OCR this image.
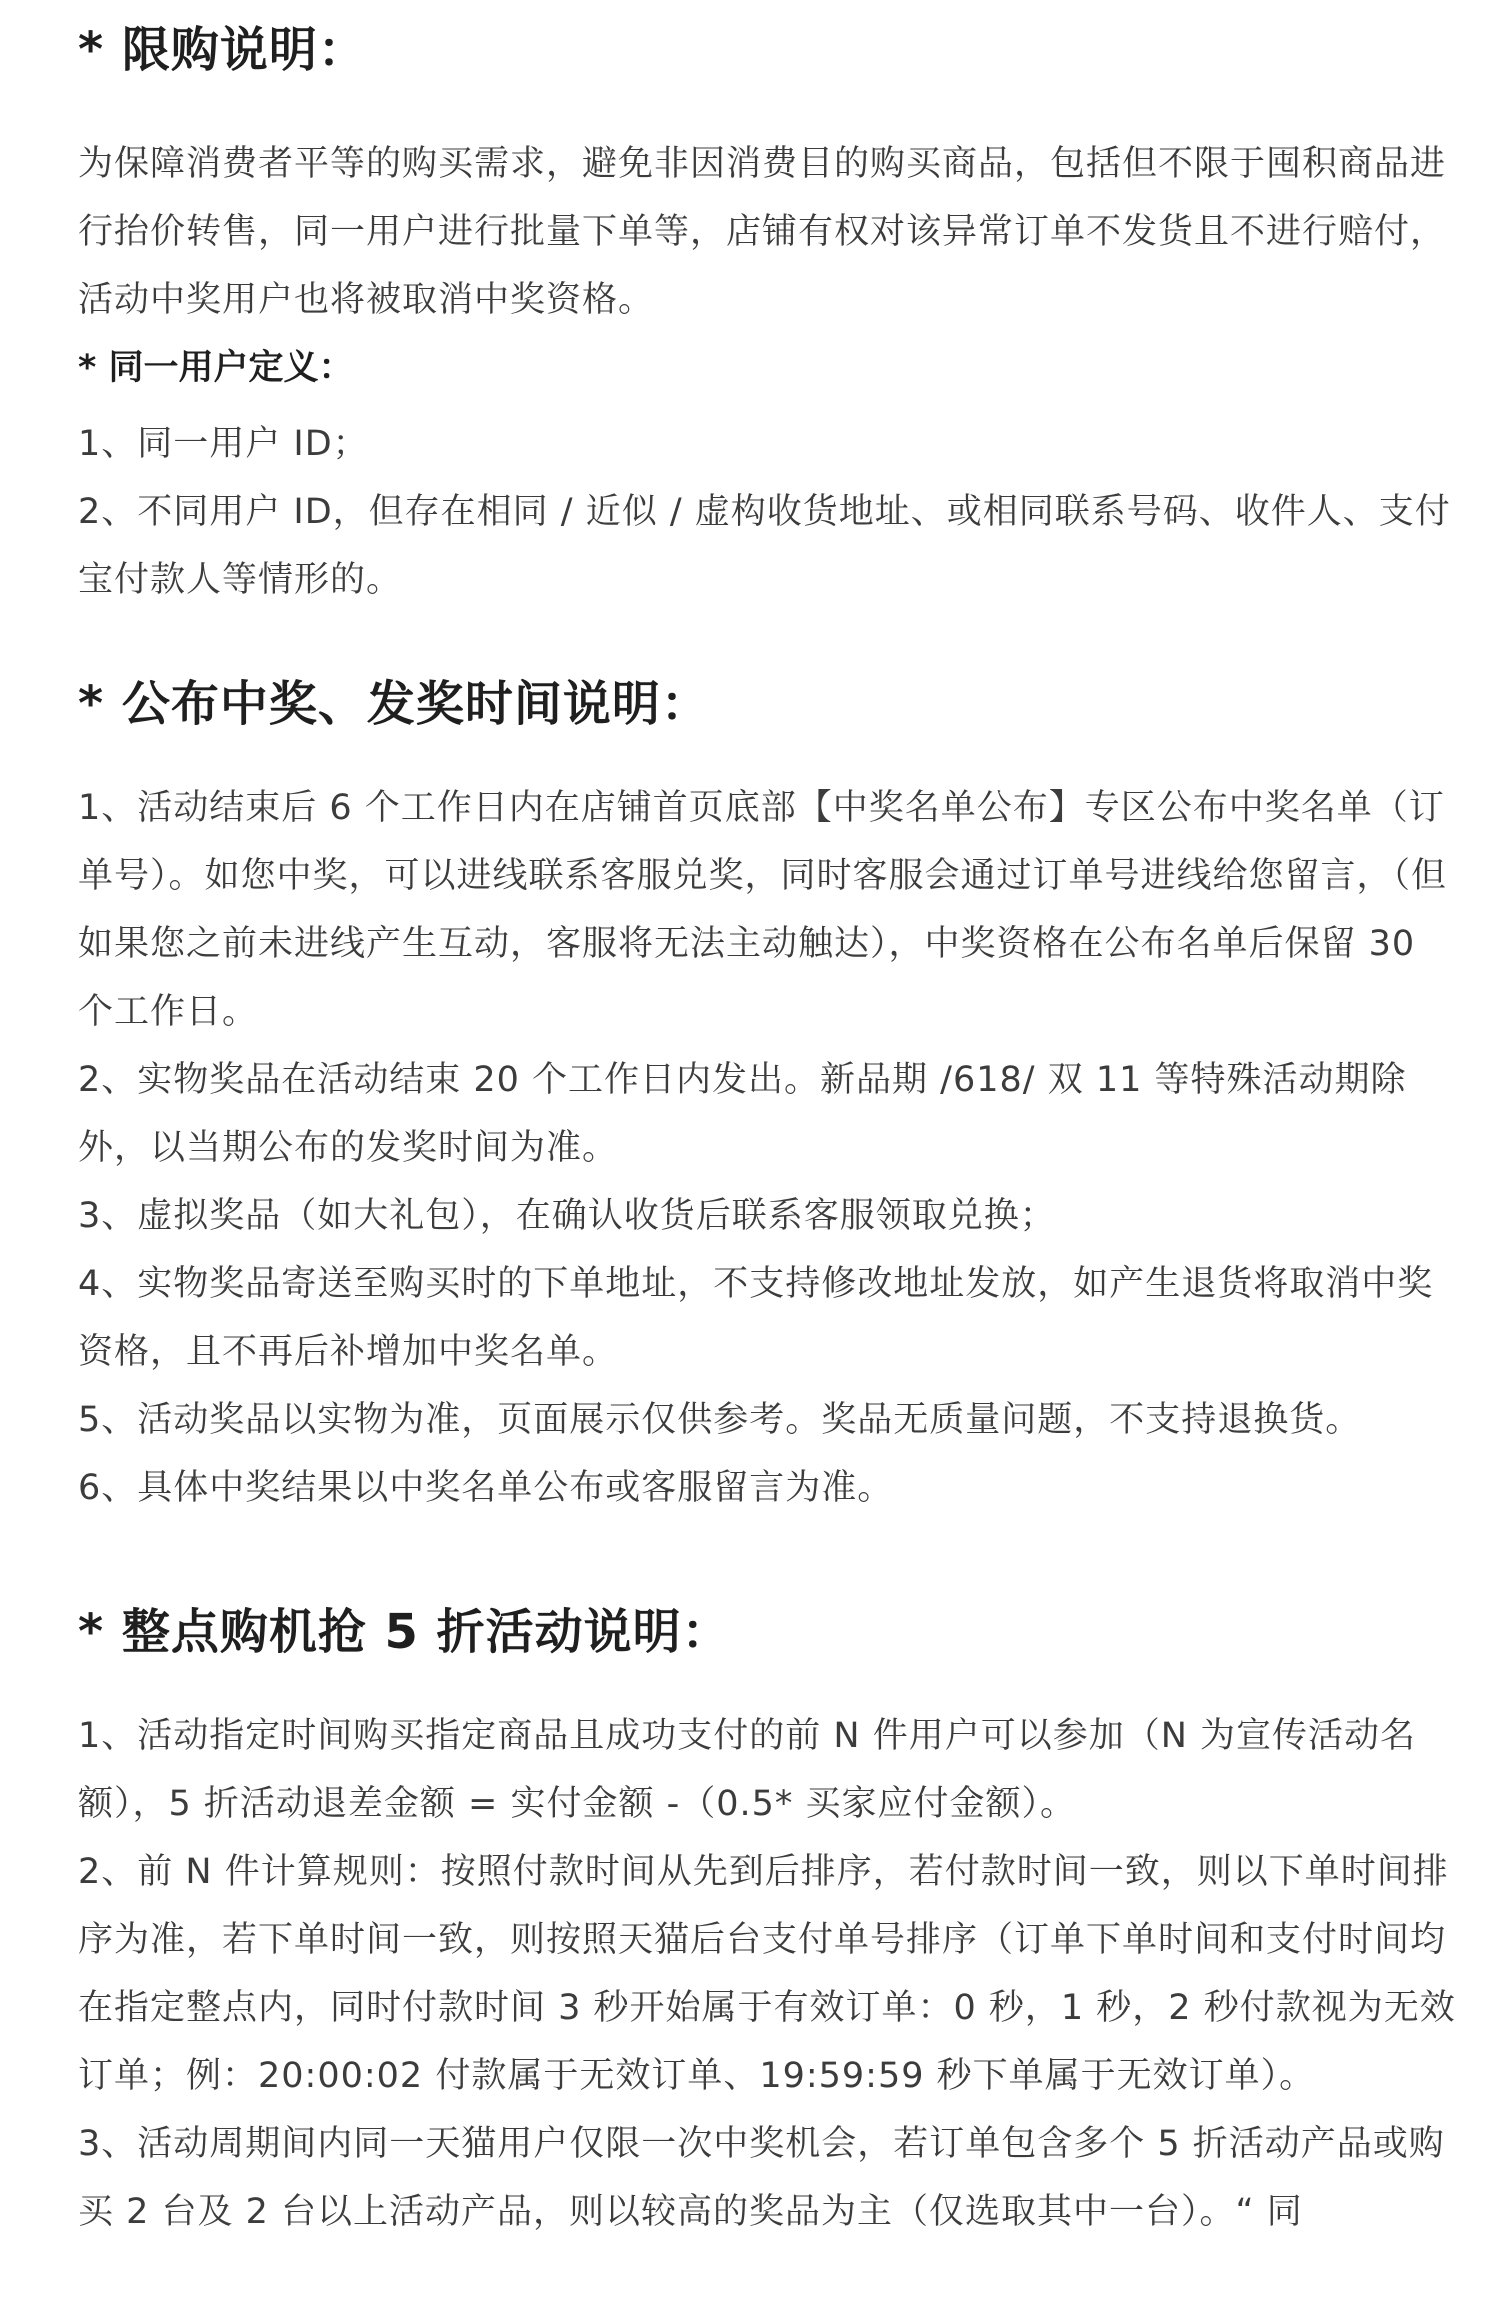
* 限购说明：

为保障消费者平等的购买需求，避免非因消费目的购买商品，包括但不限于囤积商品进行抬价转售，同一用户进行批量下单等，店铺有权对该异常订单不发货且不进行赔付，活动中奖用户也将被取消中奖资格。

* 同一用户定义：

1、同一用户 ID；
2、不同用户 ID，但存在相同 / 近似 / 虚构收货地址、或相同联系号码、收件人、支付宝付款人等情形的。
* 公布中奖、发奖时间说明：
1、活动结束后 6 个工作日内在店铺首页底部【中奖名单公布】专区公布中奖名单（订单号）。如您中奖，可以进线联系客服兑奖，同时客服会通过订单号进线给您留言，（但如果您之前未进线产生互动，客服将无法主动触达），中奖资格在公布名单后保留 30 个工作日。
2、实物奖品在活动结束 20 个工作日内发出。新品期 /618/ 双 11 等特殊活动期除外，以当期公布的发奖时间为准。
3、虚拟奖品（如大礼包），在确认收货后联系客服领取兑换；
4、实物奖品寄送至购买时的下单地址，不支持修改地址发放，如产生退货将取消中奖资格，且不再后补增加中奖名单。
5、活动奖品以实物为准，页面展示仅供参考。奖品无质量问题，不支持退换货。
6、具体中奖结果以中奖名单公布或客服留言为准。
* 整点购机抢 5 折活动说明：
1、活动指定时间购买指定商品且成功支付的前 N 件用户可以参加（N 为宣传活动名额），5 折活动退差金额 = 实付金额 -（0.5* 买家应付金额）。
2、前 N 件计算规则：按照付款时间从先到后排序，若付款时间一致，则以下单时间排序为准，若下单时间一致，则按照天猫后台支付单号排序（订单下单时间和支付时间均在指定整点内，同时付款时间 3 秒开始属于有效订单：0 秒，1 秒，2 秒付款视为无效订单；例：20:00:02 付款属于无效订单、19:59:59 秒下单属于无效订单）。
3、活动周期间内同一天猫用户仅限一次中奖机会，若订单包含多个 5 折活动产品或购买 2 台及 2 台以上活动产品，则以较高的奖品为主（仅选取其中一台）。“ 同
